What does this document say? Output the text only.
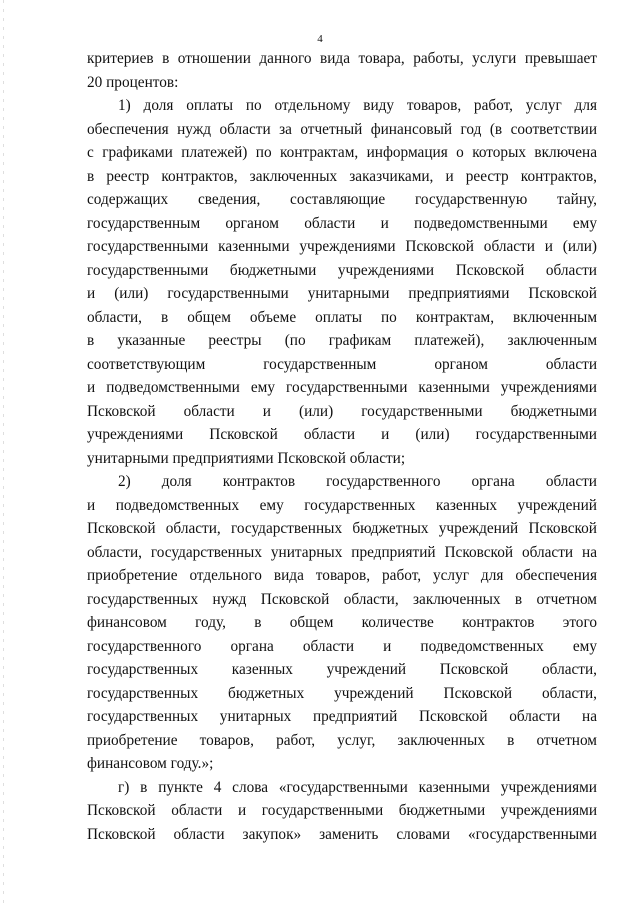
4
критериев в отношении данного вида товара, работы, услуги превышает
20 процентов:
1) доля оплаты по отдельному виду товаров, работ, услуг для
обеспечения нужд области за отчетный финансовый год (в соответствии
с графиками платежей) по контрактам, информация о которых включена
в реестр контрактов, заключенных заказчиками, и реестр контрактов,
содержащих сведения, составляющие государственную тайну,
государственным органом области и подведомственными ему
государственными казенными учреждениями Псковской области и (или)
государственными бюджетными учреждениями Псковской области
и (или) государственными унитарными предприятиями Псковской
области, в общем объеме оплаты по контрактам, включенным
в указанные реестры (по графикам платежей), заключенным
соответствующим государственным органом области
и подведомственными ему государственными казенными учреждениями
Псковской области и (или) государственными бюджетными
учреждениями Псковской области и (или) государственными
унитарными предприятиями Псковской области;
2) доля контрактов государственного органа области
и подведомственных ему государственных казенных учреждений
Псковской области, государственных бюджетных учреждений Псковской
области, государственных унитарных предприятий Псковской области на
приобретение отдельного вида товаров, работ, услуг для обеспечения
государственных нужд Псковской области, заключенных в отчетном
финансовом году, в общем количестве контрактов этого
государственного органа области и подведомственных ему
государственных казенных учреждений Псковской области,
государственных бюджетных учреждений Псковской области,
государственных унитарных предприятий Псковской области на
приобретение товаров, работ, услуг, заключенных в отчетном
финансовом году.»;
г) в пункте 4 слова «государственными казенными учреждениями
Псковской области и государственными бюджетными учреждениями
Псковской области закупок» заменить словами «государственными
